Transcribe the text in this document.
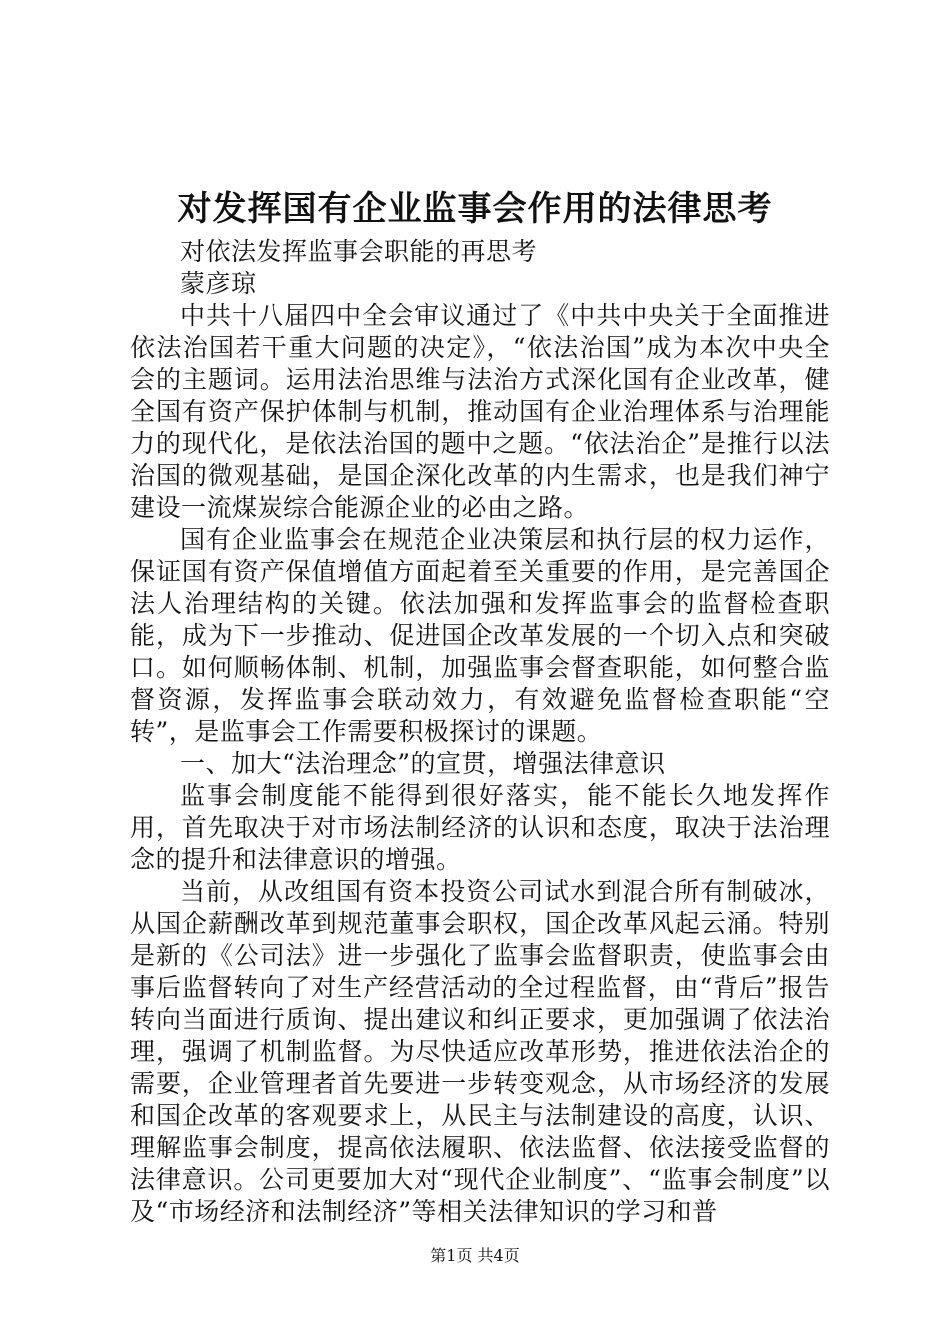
对发挥国有企业监事会作用的法律思考

对依法发挥监事会职能的再思考

蒙彦琼

中共十八届四中全会审议通过了《中共中央关于全面推进依法治国若干重大问题的决定》，“依法治国”成为本次中央全会的主题词。运用法治思维与法治方式深化国有企业改革，健全国有资产保护体制与机制，推动国有企业治理体系与治理能力的现代化，是依法治国的题中之题。“依法治企”是推行以法治国的微观基础，是国企深化改革的内生需求，也是我们神宁建设一流煤炭综合能源企业的必由之路。

国有企业监事会在规范企业决策层和执行层的权力运作，保证国有资产保值增值方面起着至关重要的作用，是完善国企法人治理结构的关键。依法加强和发挥监事会的监督检查职能，成为下一步推动、促进国企改革发展的一个切入点和突破口。如何顺畅体制、机制，加强监事会督查职能，如何整合监督资源，发挥监事会联动效力，有效避免监督检查职能“空转”，是监事会工作需要积极探讨的课题。

一、加大“法治理念”的宣贯，增强法律意识

监事会制度能不能得到很好落实，能不能长久地发挥作用，首先取决于对市场法制经济的认识和态度，取决于法治理念的提升和法律意识的增强。

当前，从改组国有资本投资公司试水到混合所有制破冰，从国企薪酬改革到规范董事会职权，国企改革风起云涌。特别是新的《公司法》进一步强化了监事会监督职责，使监事会由事后监督转向了对生产经营活动的全过程监督，由“背后”报告转向当面进行质询、提出建议和纠正要求，更加强调了依法治理，强调了机制监督。为尽快适应改革形势，推进依法治企的需要，企业管理者首先要进一步转变观念，从市场经济的发展和国企改革的客观要求上，从民主与法制建设的高度，认识、理解监事会制度，提高依法履职、依法监督、依法接受监督的法律意识。公司更要加大对“现代企业制度”、“监事会制度”以及“市场经济和法制经济”等相关法律知识的学习和普

第1页 共4页
